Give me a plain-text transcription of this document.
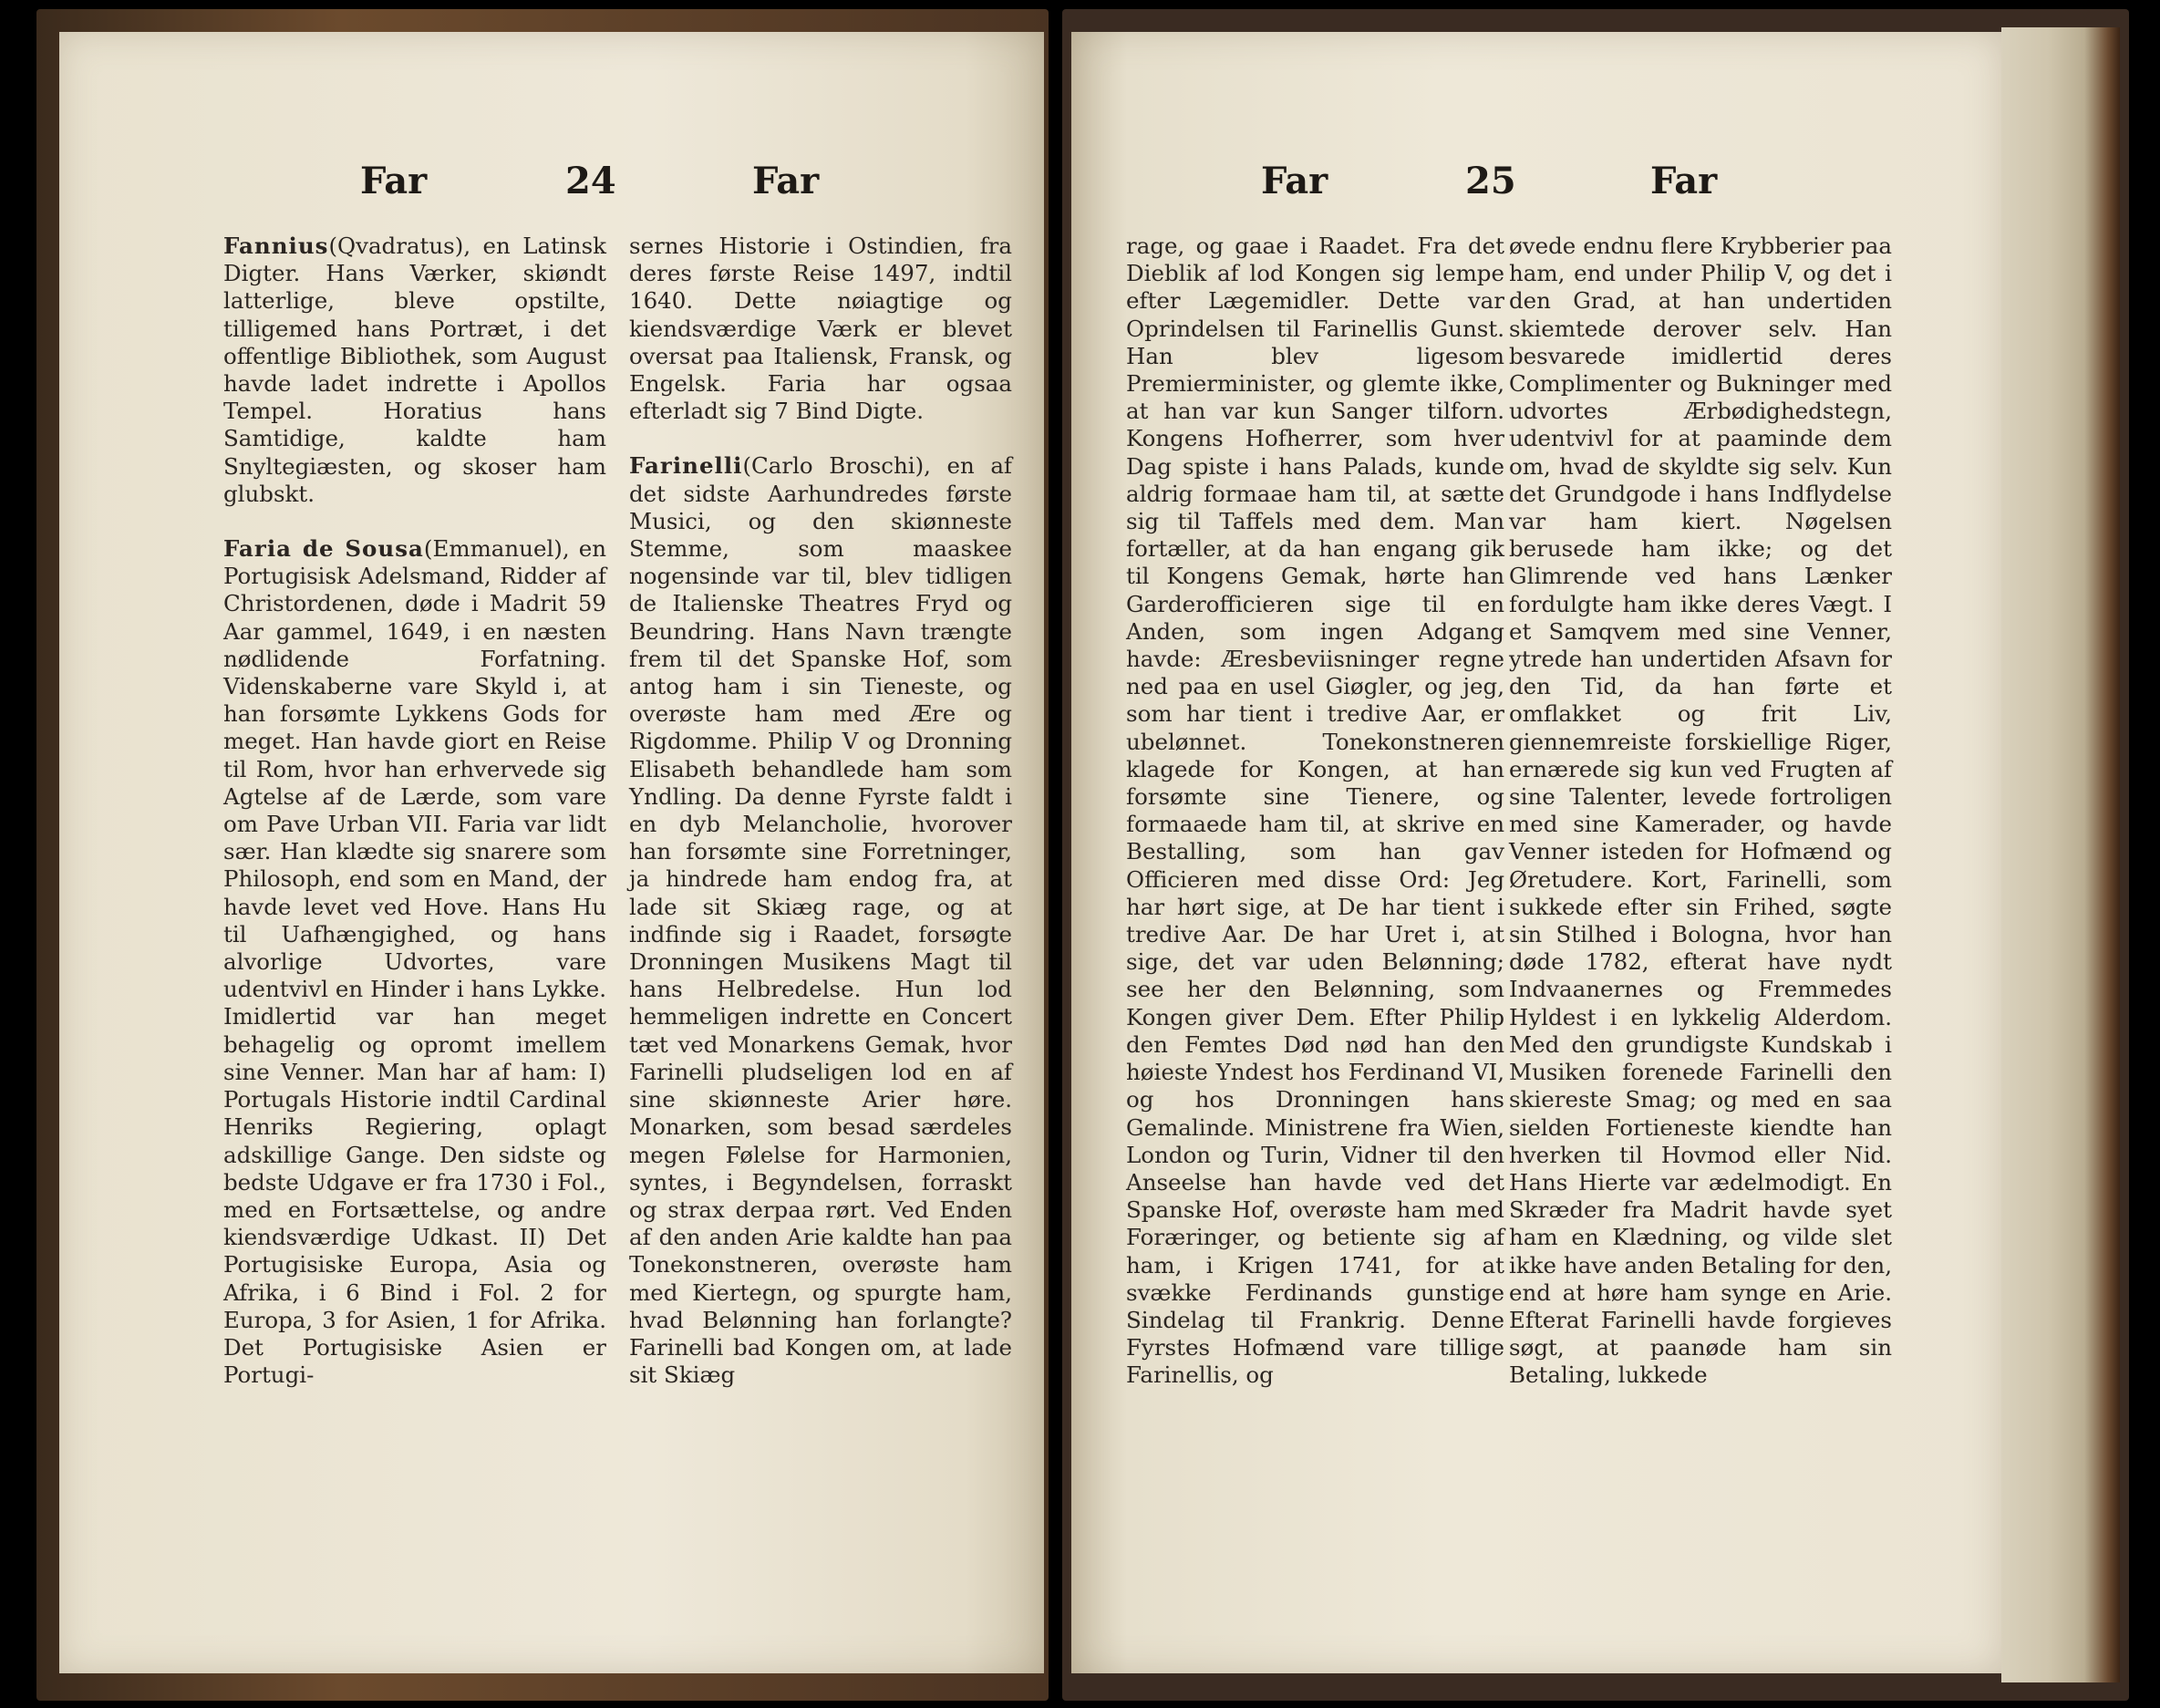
Far	24	Far

Fannius(Qvadratus), en Latinsk Digter. Hans Værker, skiøndt latterlige, bleve opstilte, tilligemed hans Portræt, i det offentlige Bibliothek, som August havde ladet indrette i Apollos Tempel. Horatius hans Samtidige, kaldte ham Snyltegiæsten, og skoser ham glubskt.

Faria de Sousa(Emmanuel), en Portugisisk Adelsmand, Ridder af Christordenen, døde i Madrit 59 Aar gammel, 1649, i en næsten nødlidende Forfatning. Videnskaberne vare Skyld i, at han forsømte Lykkens Gods for meget. Han havde giort en Reise til Rom, hvor han erhvervede sig Agtelse af de Lærde, som vare om Pave Urban VII. Faria var lidt sær. Han klædte sig snarere som Philosoph, end som en Mand, der havde levet ved Hove. Hans Hu til Uafhængighed, og hans alvorlige Udvortes, vare udentvivl en Hinder i hans Lykke. Imidlertid var han meget behagelig og opromt imellem sine Venner. Man har af ham: I) Portugals Historie indtil Cardinal Henriks Regiering, oplagt adskillige Gange. Den sidste og bedste Udgave er fra 1730 i Fol., med en Fortsættelse, og andre kiendsværdige Udkast. II) Det Portugisiske Europa, Asia og Afrika, i 6 Bind i Fol. 2 for Europa, 3 for Asien, 1 for Afrika. Det Portugisiske Asien er Portugi-

sernes Historie i Ostindien, fra deres første Reise 1497, indtil 1640. Dette nøiagtige og kiendsværdige Værk er blevet oversat paa Italiensk, Fransk, og Engelsk. Faria har ogsaa efterladt sig 7 Bind Digte.

Farinelli(Carlo Broschi), en af det sidste Aarhundredes første Musici, og den skiønneste Stemme, som maaskee nogensinde var til, blev tidligen de Italienske Theatres Fryd og Beundring. Hans Navn trængte frem til det Spanske Hof, som antog ham i sin Tieneste, og overøste ham med Ære og Rigdomme. Philip V og Dronning Elisabeth behandlede ham som Yndling. Da denne Fyrste faldt i en dyb Melancholie, hvorover han forsømte sine Forretninger, ja hindrede ham endog fra, at lade sit Skiæg rage, og at indfinde sig i Raadet, forsøgte Dronningen Musikens Magt til hans Helbredelse. Hun lod hemmeligen indrette en Concert tæt ved Monarkens Gemak, hvor Farinelli pludseligen lod en af sine skiønneste Arier høre. Monarken, som besad særdeles megen Følelse for Harmonien, syntes, i Begyndelsen, forraskt og strax derpaa rørt. Ved Enden af den anden Arie kaldte han paa Tonekonstneren, overøste ham med Kiertegn, og spurgte ham, hvad Belønning han forlangte? Farinelli bad Kongen om, at lade sit Skiæg

Far	25	Far

rage, og gaae i Raadet. Fra det Dieblik af lod Kongen sig lempe efter Lægemidler. Dette var Oprindelsen til Farinellis Gunst. Han blev ligesom Premierminister, og glemte ikke, at han var kun Sanger tilforn. Kongens Hofherrer, som hver Dag spiste i hans Palads, kunde aldrig formaae ham til, at sætte sig til Taffels med dem. Man fortæller, at da han engang gik til Kongens Gemak, hørte han Garderofficieren sige til en Anden, som ingen Adgang havde: Æresbeviisninger regne ned paa en usel Giøgler, og jeg, som har tient i tredive Aar, er ubelønnet. Tonekonstneren klagede for Kongen, at han forsømte sine Tienere, og formaaede ham til, at skrive en Bestalling, som han gav Officieren med disse Ord: Jeg har hørt sige, at De har tient i tredive Aar. De har Uret i, at sige, det var uden Belønning; see her den Belønning, som Kongen giver Dem. Efter Philip den Femtes Død nød han den høieste Yndest hos Ferdinand VI, og hos Dronningen hans Gemalinde. Ministrene fra Wien, London og Turin, Vidner til den Anseelse han havde ved det Spanske Hof, overøste ham med Foræringer, og betiente sig af ham, i Krigen 1741, for at svække Ferdinands gunstige Sindelag til Frankrig. Denne Fyrstes Hofmænd vare tillige Farinellis, og

øvede endnu flere Krybberier paa ham, end under Philip V, og det i den Grad, at han undertiden skiemtede derover selv. Han besvarede imidlertid deres Complimenter og Bukninger med udvortes Ærbødighedstegn, udentvivl for at paaminde dem om, hvad de skyldte sig selv. Kun det Grundgode i hans Indflydelse var ham kiert. Nøgelsen berusede ham ikke; og det Glimrende ved hans Lænker fordulgte ham ikke deres Vægt. I et Samqvem med sine Venner, ytrede han undertiden Afsavn for den Tid, da han førte et omflakket og frit Liv, giennemreiste forskiellige Riger, ernærede sig kun ved Frugten af sine Talenter, levede fortroligen med sine Kamerader, og havde Venner isteden for Hofmænd og Øretudere. Kort, Farinelli, som sukkede efter sin Frihed, søgte sin Stilhed i Bologna, hvor han døde 1782, efterat have nydt Indvaanernes og Fremmedes Hyldest i en lykkelig Alderdom. Med den grundigste Kundskab i Musiken forenede Farinelli den skiereste Smag; og med en saa sielden Fortieneste kiendte han hverken til Hovmod eller Nid. Hans Hierte var ædelmodigt. En Skræder fra Madrit havde syet ham en Klædning, og vilde slet ikke have anden Betaling for den, end at høre ham synge en Arie. Efterat Farinelli havde forgieves søgt, at paanøde ham sin Betaling, lukkede
